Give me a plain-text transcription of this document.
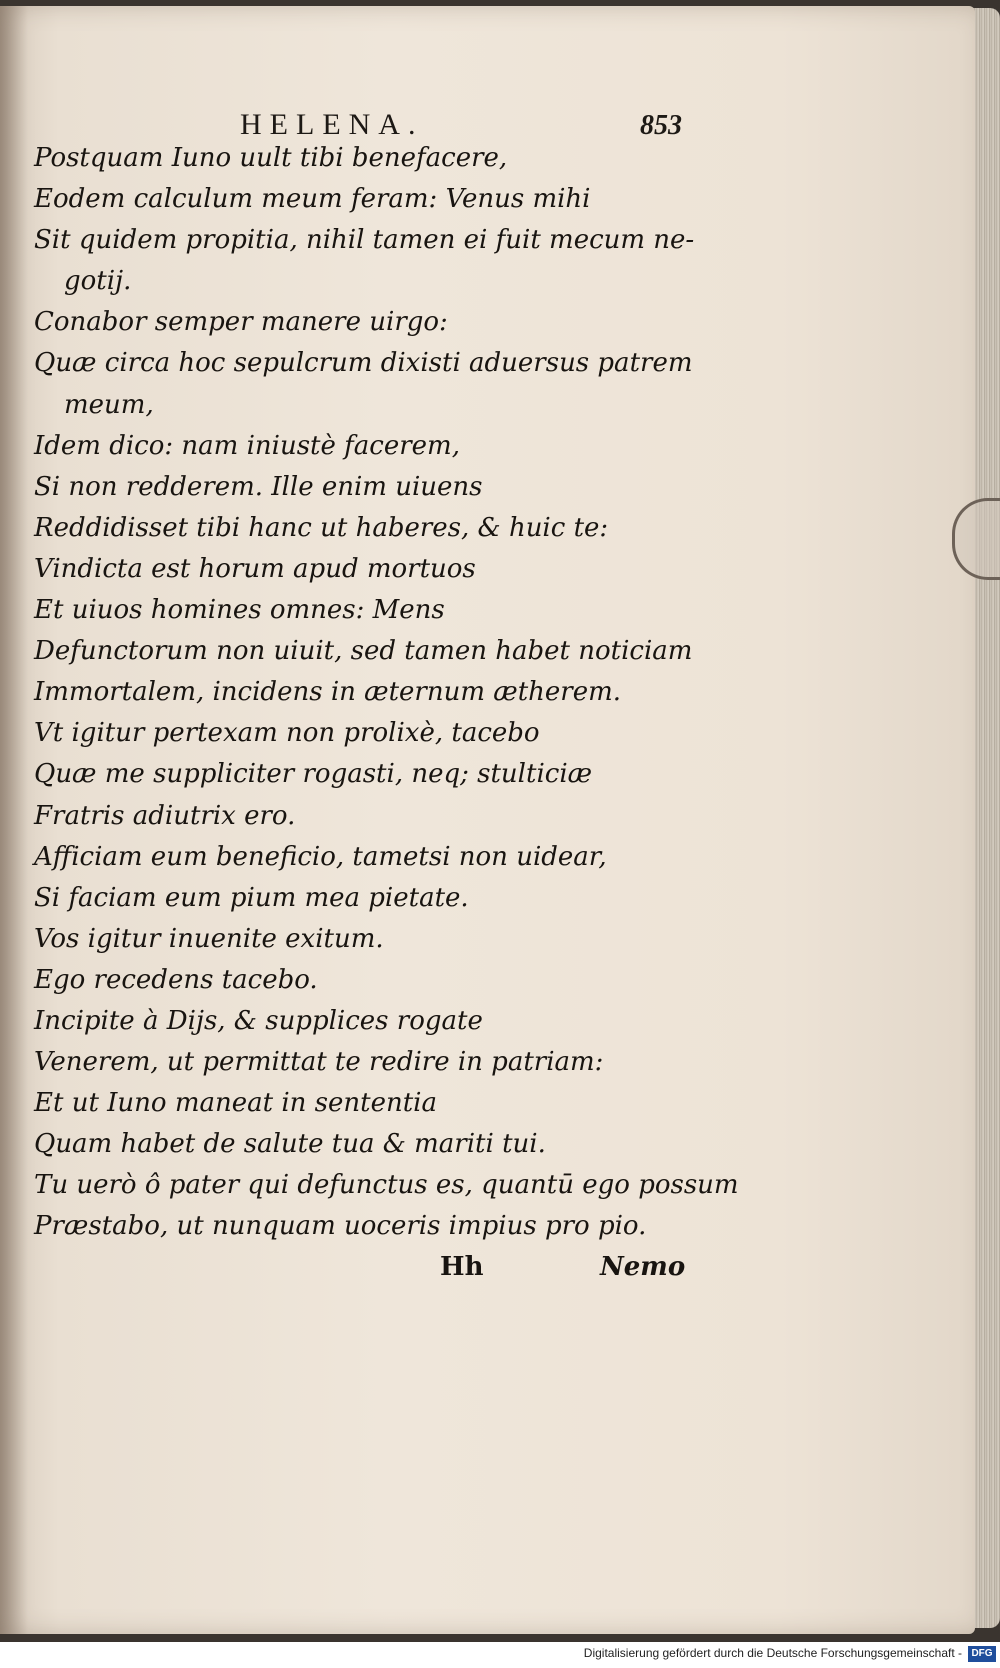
HELENA.	853
Postquam Iuno uult tibi benefacere,
Eodem calculum meum feram: Venus mihi
Sit quidem propitia, nihil tamen ei fuit mecum ne-
gotij.
Conabor semper manere uirgo:
Quæ circa hoc sepulcrum dixisti aduersus patrem
meum,
Idem dico: nam iniustè facerem,
Si non redderem. Ille enim uiuens
Reddidisset tibi hanc ut haberes, & huic te:
Vindicta est horum apud mortuos
Et uiuos homines omnes: Mens
Defunctorum non uiuit, sed tamen habet noticiam
Immortalem, incidens in æternum ætherem.
Vt igitur pertexam non prolixè, tacebo
Quæ me suppliciter rogasti, neq; stulticiæ
Fratris adiutrix ero.
Afficiam eum beneficio, tametsi non uidear,
Si faciam eum pium mea pietate.
Vos igitur inuenite exitum.
Ego recedens tacebo.
Incipite à Dijs, & supplices rogate
Venerem, ut permittat te redire in patriam:
Et ut Iuno maneat in sententia
Quam habet de salute tua & mariti tui.
Tu uerò ô pater qui defunctus es, quantū ego possum
Præstabo, ut nunquam uoceris impius pro pio.
Hh	Nemo
Digitalisierung gefördert durch die Deutsche Forschungsgemeinschaft - DFG
